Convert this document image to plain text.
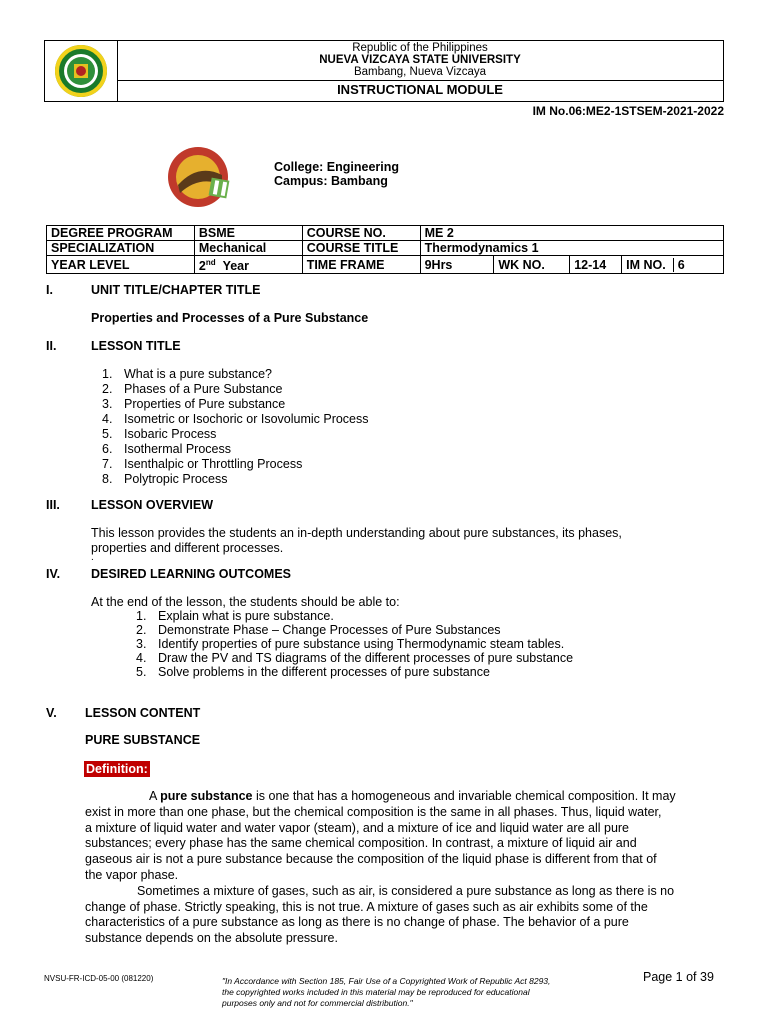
Republic of the Philippines
NUEVA VIZCAYA STATE UNIVERSITY
Bambang, Nueva Vizcaya
INSTRUCTIONAL MODULE
IM No.06:ME2-1STSEM-2021-2022
College: Engineering
Campus: Bambang
DEGREE PROGRAM	BSME	COURSE NO.	ME 2			
SPECIALIZATION	Mechanical	COURSE TITLE	Thermodynamics 1			
YEAR LEVEL	2nd Year	TIME FRAME	9Hrs	WK NO.	12-14	IM NO. 6
I.	UNIT TITLE/CHAPTER TITLE
Properties and Processes of a Pure Substance
II.	LESSON TITLE
1. What is a pure substance?
2. Phases of a Pure Substance
3. Properties of Pure substance
4. Isometric or Isochoric or Isovolumic Process
5. Isobaric Process
6. Isothermal Process
7. Isenthalpic or Throttling Process
8. Polytropic Process
III. LESSON OVERVIEW
This lesson provides the students an in-depth understanding about pure substances, its phases,
properties and different processes.
.
IV. DESIRED LEARNING OUTCOMES
At the end of the lesson, the students should be able to:
1. Explain what is pure substance.
2. Demonstrate Phase – Change Processes of Pure Substances
3. Identify properties of pure substance using Thermodynamic steam tables.
4. Draw the PV and TS diagrams of the different processes of pure substance
5. Solve problems in the different processes of pure substance
V. LESSON CONTENT
PURE SUBSTANCE
Definition:
A pure substance is one that has a homogeneous and invariable chemical composition. It may
exist in more than one phase, but the chemical composition is the same in all phases. Thus, liquid water,
a mixture of liquid water and water vapor (steam), and a mixture of ice and liquid water are all pure
substances; every phase has the same chemical composition. In contrast, a mixture of liquid air and
gaseous air is not a pure substance because the composition of the liquid phase is different from that of
the vapor phase.
Sometimes a mixture of gases, such as air, is considered a pure substance as long as there is no
change of phase. Strictly speaking, this is not true. A mixture of gases such as air exhibits some of the
characteristics of a pure substance as long as there is no change of phase. The behavior of a pure
substance depends on the absolute pressure.
NVSU-FR-ICD-05-00 (081220)	"In Accordance with Section 185, Fair Use of a Copyrighted Work of Republic Act 8293,
the copyrighted works included in this material may be reproduced for educational
purposes only and not for commercial distribution."
Page 1 of 39
